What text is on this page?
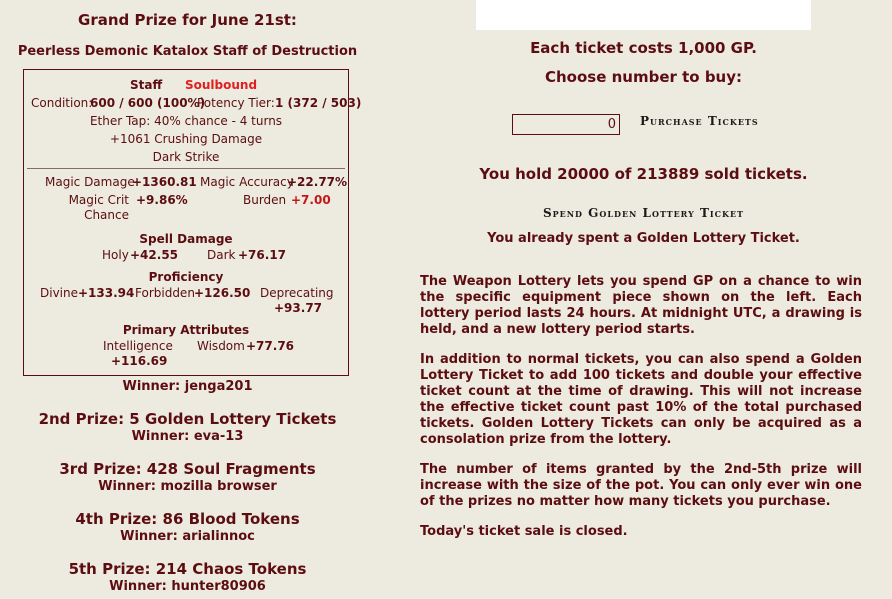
Grand Prize for June 21st:
Peerless Demonic Katalox Staff of Destruction
Staff Soulbound
Condition:
600 / 600 (100%)
Potency Tier: 1 (372 / 503)
Ether Tap: 40% chance - 4 turns
+1061 Crushing Damage
Dark Strike
Magic Damage
+1360.81 Magic Accuracy
+22.77%
Magic Crit
Chance
+9.86%	Burden +7.00
Spell Damage
Holy +42.55 Dark +76.17
Proficiency
Divine +133.94 Forbidden +126.50 Deprecating
+93.77
Primary Attributes
Intelligence
+116.69
Wisdom +77.76
Winner: jenga201
2nd Prize: 5 Golden Lottery Tickets
Winner: eva-13
3rd Prize: 428 Soul Fragments
Winner: mozilla browser
4th Prize: 86 Blood Tokens
Winner: arialinnoc
5th Prize: 214 Chaos Tokens
Winner: hunter80906
Each ticket costs 1,000 GP.
Choose number to buy:
0
Purchase Tickets
You hold 20000 of 213889 sold tickets.
Spend Golden Lottery Ticket
You already spent a Golden Lottery Ticket.

The Weapon Lottery lets you spend GP on a chance to win the specific equipment piece shown on the left. Each lottery period lasts 24 hours. At midnight UTC, a drawing is held, and a new lottery period starts.

In addition to normal tickets, you can also spend a Golden Lottery Ticket to add 100 tickets and double your effective ticket count at the time of drawing. This will not increase the effective ticket count past 10% of the total purchased tickets. Golden Lottery Tickets can only be acquired as a consolation prize from the lottery.

The number of items granted by the 2nd-5th prize will increase with the size of the pot. You can only ever win one of the prizes no matter how many tickets you purchase.

Today's ticket sale is closed.
